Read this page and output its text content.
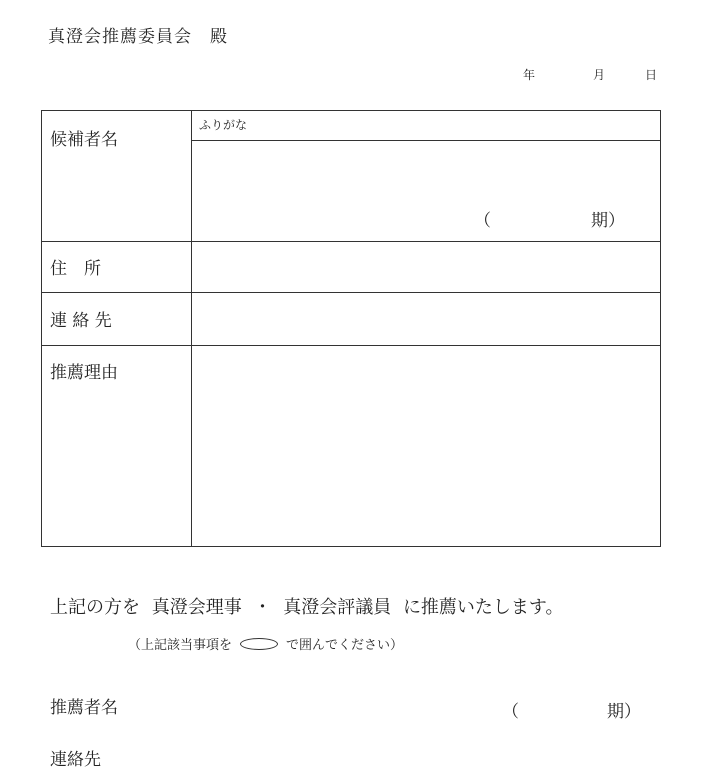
真澄会推薦委員会　殿
年	月	日
候補者名
ふりがな
（	期）
住　所
連 絡 先
推薦理由
上記の方を 真澄会理事 ・ 真澄会評議員 に推薦いたします。
（上記該当事項を	で囲んでください）
推薦者名	（	期）
連絡先
